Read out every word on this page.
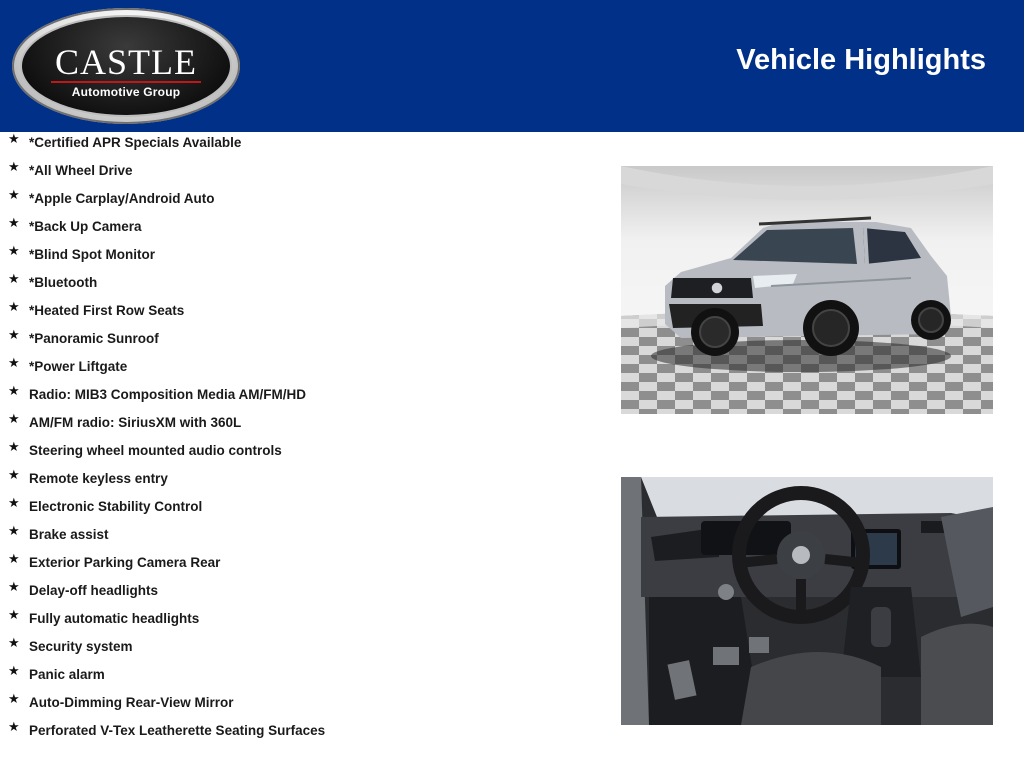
CASTLE
Automotive Group
Vehicle Highlights
★ *Certified APR Specials Available
★ *All Wheel Drive
★ *Apple Carplay/Android Auto
★ *Back Up Camera
★ *Blind Spot Monitor
★ *Bluetooth
★ *Heated First Row Seats
★ *Panoramic Sunroof
★ *Power Liftgate
★ Radio: MIB3 Composition Media AM/FM/HD
★ AM/FM radio: SiriusXM with 360L
★ Steering wheel mounted audio controls
★ Remote keyless entry
★ Electronic Stability Control
★ Brake assist
★ Exterior Parking Camera Rear
★ Delay-off headlights
★ Fully automatic headlights
★ Security system
★ Panic alarm
★ Auto-Dimming Rear-View Mirror
★ Perforated V-Tex Leatherette Seating Surfaces
